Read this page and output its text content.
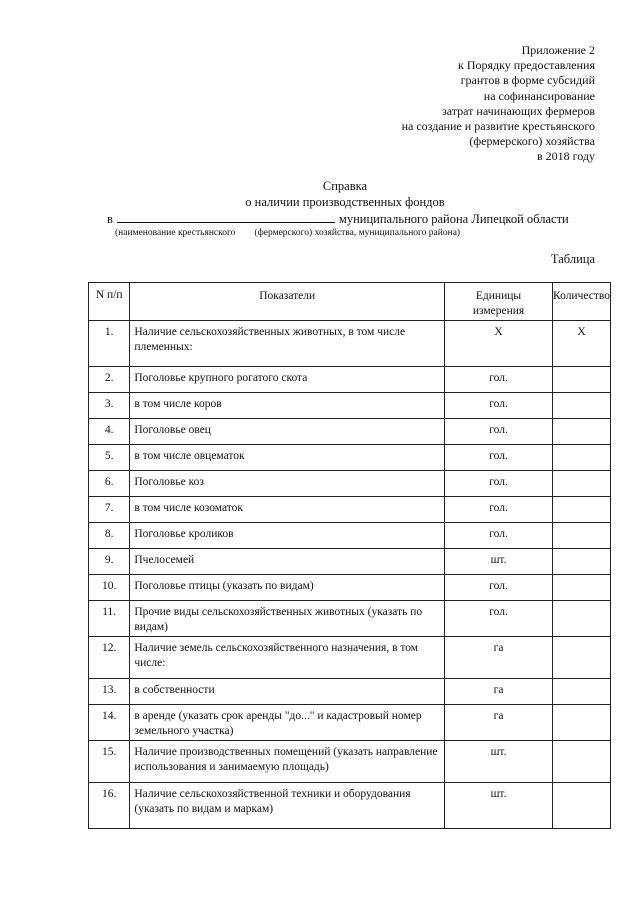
Приложение 2
к Порядку предоставления
грантов в форме субсидий
на софинансирование
затрат начинающих фермеров
на создание и развитие крестьянского
(фермерского) хозяйства
в 2018 году
Справка
о наличии производственных фондов
в	муниципального района Липецкой области
(наименование крестьянского        (фермерского) хозяйства, муниципального района)
Таблица
N п/п	Показатели	Единицы измерения	Количество
1.	Наличие сельскохозяйственных животных, в том числе племенных:	X	X
2.	Поголовье крупного рогатого скота	гол.	
3.	в том числе коров	гол.	
4.	Поголовье овец	гол.	
5.	в том числе овцематок	гол.	
6.	Поголовье коз	гол.	
7.	в том числе козоматок	гол.	
8.	Поголовье кроликов	гол.	
9.	Пчелосемей	шт.	
10.	Поголовье птицы (указать по видам)	гол.	
11.	Прочие виды сельскохозяйственных животных (указать по видам)	гол.	
12.	Наличие земель сельскохозяйственного назначения, в том числе:	га	
13.	в собственности	га	
14.	в аренде (указать срок аренды "до..." и кадастровый номер земельного участка)	га	
15.	Наличие производственных помещений (указать направление использования и занимаемую площадь)	шт.	
16.	Наличие сельскохозяйственной техники и оборудования (указать по видам и маркам)	шт.	
